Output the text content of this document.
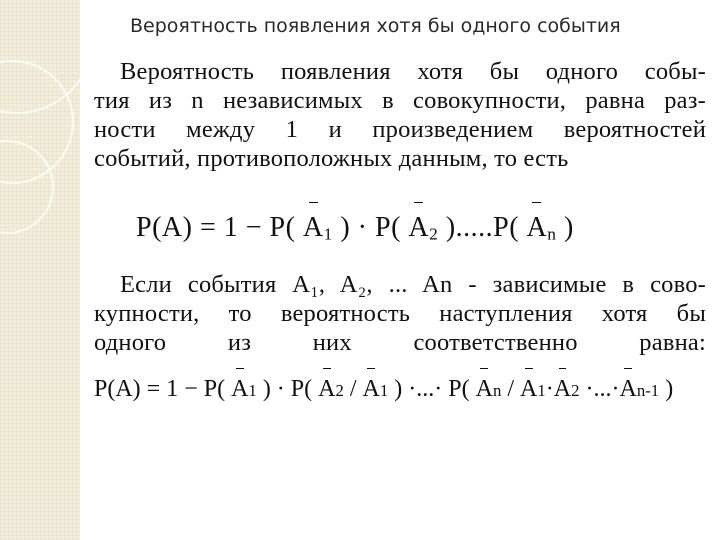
Вероятность появления хотя бы одного события
Вероятность появления хотя бы одного собы-
тия из n независимых в совокупности, равна раз-
ности между 1 и произведением вероятностей
событий, противоположных данным, то есть
P(A) = 1 − P( $A_1$ ) · P( $A_2$ ).....P( $A_n$ )
Если события A₁, A₂, ... An - зависимые в сово-
купности, то вероятность наступления хотя бы
одного из них соответственно равна:
P(A) = 1 − P( A1 ) · P( A2 / A1 ) ·...· P( An / A1·A2 ·...·An-1 )
